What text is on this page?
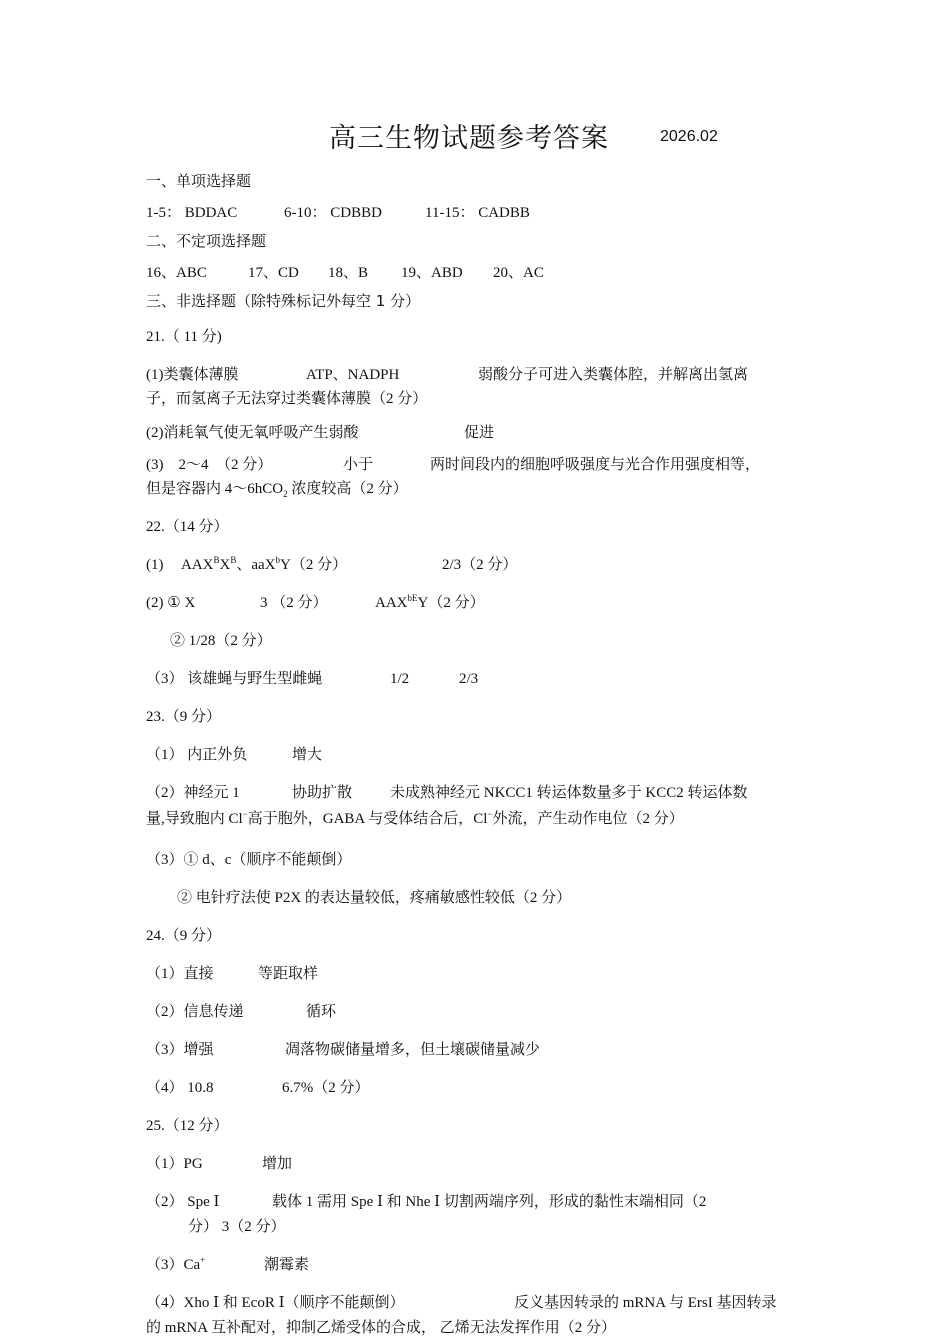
高三生物试题参考答案	2026.02
一、单项选择题
1-5： BDDAC	6-10： CDBBD	11-15： CADBB
二、不定项选择题
16、ABC	17、CD 18、B 19、ABD 20、AC
三、非选择题（除特殊标记外每空 1 分）
21.（ 11 分)
(1)类囊体薄膜	ATP、NADPH	弱酸分子可进入类囊体腔，并解离出氢离
子，而氢离子无法穿过类囊体薄膜（2 分）
(2)消耗氧气使无氧呼吸产生弱酸	促进
(3)　2～4　（2 分）	小于	两时间段内的细胞呼吸强度与光合作用强度相等，
但是容器内 4～6hCO$_2$ 浓度较高（2 分）
22.（14 分）
(1) $AAX^BX^B$、aaX$^b$Y（2 分）	2/3（2 分）
(2) ① X	3 （2 分）	$AAX^{bE}Y(2$ 分）
② 1/28（2 分）
（3） 该雄蝇与野生型雌蝇	1/2	2/3
23.（9 分）
（1） 内正外负	增大
（2）神经元 1	协助扩散	未成熟神经元 NKCC1 转运体数量多于 KCC2 转运体数
量,导致胞内 Cl−高于胞外，GABA 与受体结合后，Cl−外流，产生动作电位（2 分）
（3）① d、c（顺序不能颠倒）
② 电针疗法使 P2X 的表达量较低，疼痛敏感性较低（2 分）
24.（9 分）
（1）直接	等距取样
（2）信息传递	循环
（3）增强	凋落物碳储量增多，但土壤碳储量减少
（4） 10.8	6.7%（2 分）
25.（12 分）
（1）PG	增加
（2） Spe Ⅰ	载体 1 需用 Spe Ⅰ 和 Nhe Ⅰ 切割两端序列，形成的黏性末端相同（2
分） 3（2 分）
（3）Ca+	潮霉素
（4）Xho Ⅰ 和 EcoR Ⅰ（顺序不能颠倒）	反义基因转录的 mRNA 与 ErsI 基因转录
的 mRNA 互补配对，抑制乙烯受体的合成， 乙烯无法发挥作用（2 分）
